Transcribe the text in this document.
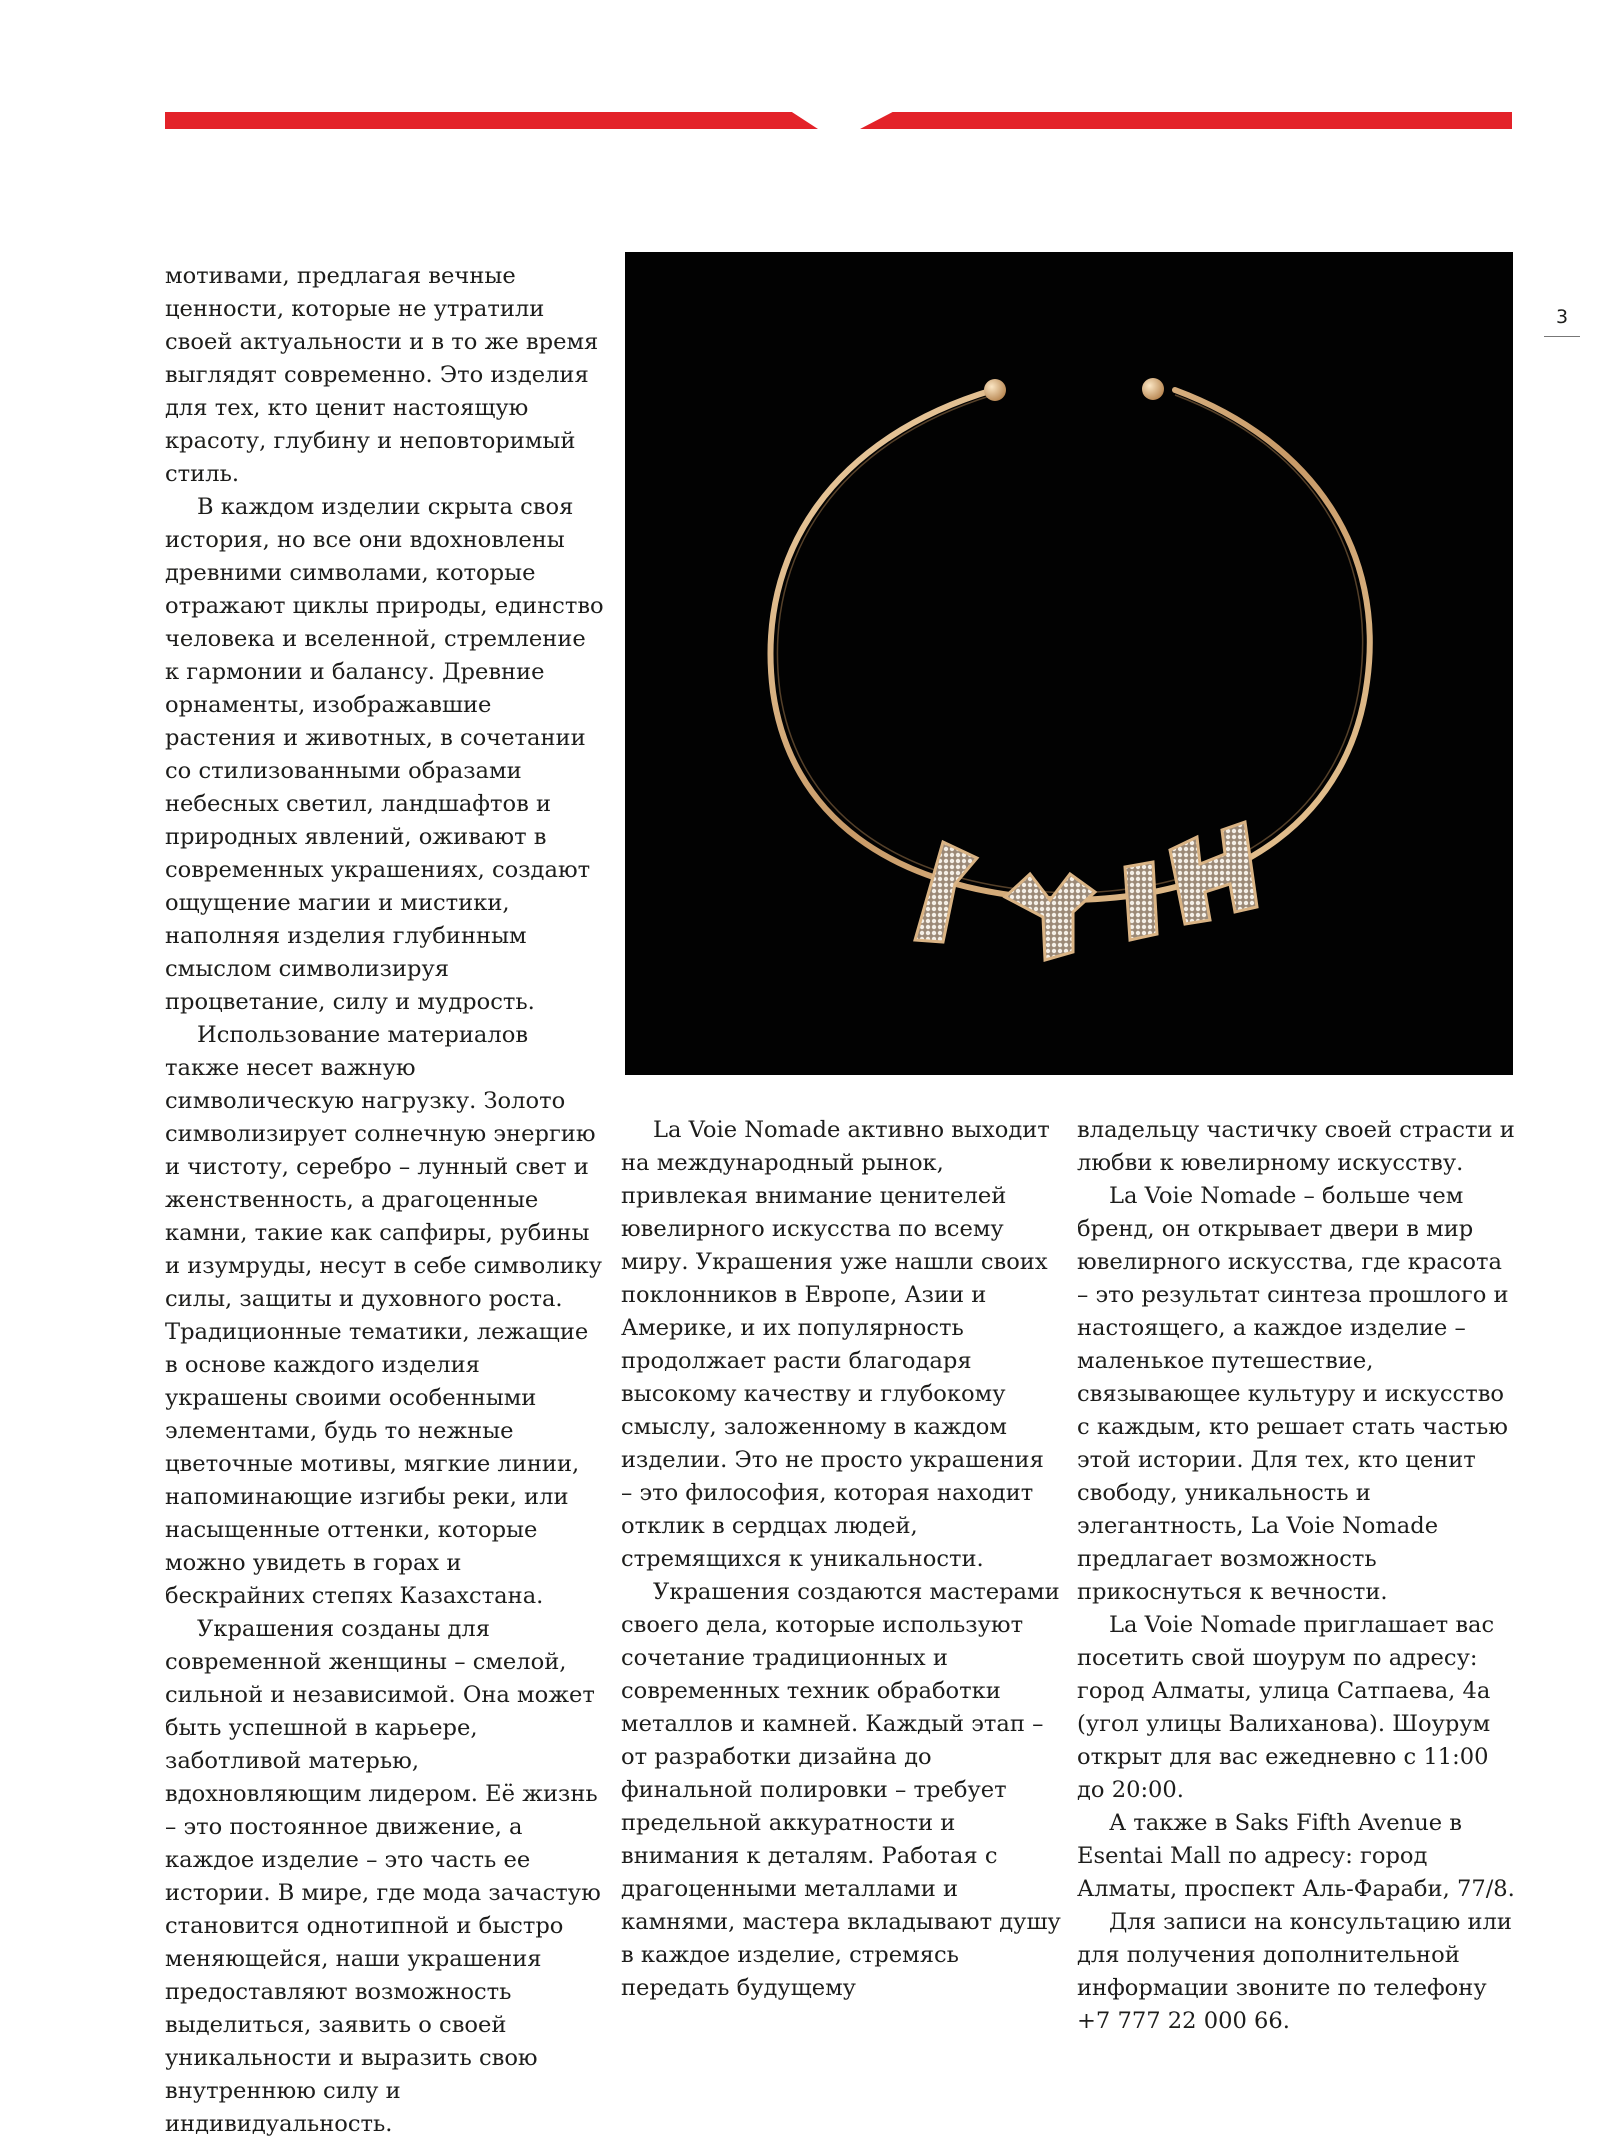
3

мотивами, предлагая вечные ценности, которые не утратили своей актуальности и в то же время выглядят современно. Это изделия для тех, кто ценит настоящую красоту, глубину и неповторимый стиль.

В каждом изделии скрыта своя история, но все они вдохновлены древними символами, которые отражают циклы природы, единство человека и вселенной, стремление к гармонии и балансу. Древние орнаменты, изображавшие растения и животных, в сочетании со стилизованными образами небесных светил, ландшафтов и природных явлений, оживают в современных украшениях, создают ощущение магии и мистики, наполняя изделия глубинным смыслом символизируя процветание, силу и мудрость.

Использование материалов также несет важную символическую нагрузку. Золото символизирует солнечную энергию и чистоту, серебро – лунный свет и женственность, а драгоценные камни, такие как сапфиры, рубины и изумруды, несут в себе символику силы, защиты и духовного роста. Традиционные тематики, лежащие в основе каждого изделия украшены своими особенными элементами, будь то нежные цветочные мотивы, мягкие линии, напоминающие изгибы реки, или насыщенные оттенки, которые можно увидеть в горах и бескрайних степях Казахстана.

Украшения созданы для современной женщины – смелой, сильной и независимой. Она может быть успешной в карьере, заботливой матерью, вдохновляющим лидером. Её жизнь – это постоянное движение, а каждое изделие – это часть ее истории. В мире, где мода зачастую становится однотипной и быстро меняющейся, наши украшения предоставляют возможность выделиться, заявить о своей уникальности и выразить свою внутреннюю силу и индивидуальность.

La Voie Nomade активно выходит на международный рынок, привлекая внимание ценителей ювелирного искусства по всему миру. Украшения уже нашли своих поклонников в Европе, Азии и Америке, и их популярность продолжает расти благодаря высокому качеству и глубокому смыслу, заложенному в каждом изделии. Это не просто украшения – это философия, которая находит отклик в сердцах людей, стремящихся к уникальности.

Украшения создаются мастерами своего дела, которые используют сочетание традиционных и современных техник обработки металлов и камней. Каждый этап – от разработки дизайна до финальной полировки – требует предельной аккуратности и внимания к деталям. Работая с драгоценными металлами и камнями, мастера вкладывают душу в каждое изделие, стремясь передать будущему

владельцу частичку своей страсти и любви к ювелирному искусству.

La Voie Nomade – больше чем бренд, он открывает двери в мир ювелирного искусства, где красота – это результат синтеза прошлого и настоящего, а каждое изделие – маленькое путешествие, связывающее культуру и искусство с каждым, кто решает стать частью этой истории. Для тех, кто ценит свободу, уникальность и элегантность, La Voie Nomade предлагает возможность прикоснуться к вечности.

La Voie Nomade приглашает вас посетить свой шоурум по адресу: город Алматы, улица Сатпаева, 4а (угол улицы Валиханова). Шоурум открыт для вас ежедневно с 11:00 до 20:00.

А также в Saks Fifth Avenue в Esentai Mall по адресу: город Алматы, проспект Аль-Фараби, 77/8.

Для записи на консультацию или для получения дополнительной информации звоните по телефону +7 777 22 000 66.
